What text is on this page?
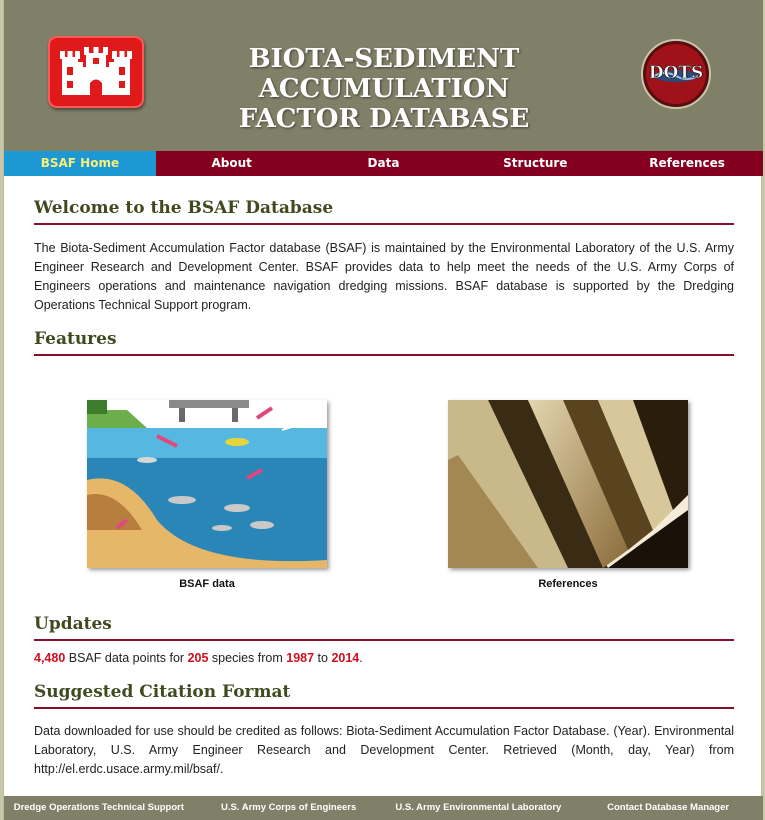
BIOTA-SEDIMENT ACCUMULATION
FACTOR DATABASE
DOTS
BSAF Home	About	Data	Structure	References
Welcome to the BSAF Database
The Biota-Sediment Accumulation Factor database (BSAF) is maintained by the Environmental Laboratory of the U.S. Army Engineer Research and Development Center. BSAF provides data to help meet the needs of the U.S. Army Corps of Engineers operations and maintenance navigation dredging missions. BSAF database is supported by the Dredging Operations Technical Support program.
Features
BSAF data	References
Updates
4,480 BSAF data points for 205 species from 1987 to 2014.
Suggested Citation Format
Data downloaded for use should be credited as follows: Biota-Sediment Accumulation Factor Database. (Year). Environmental Laboratory, U.S. Army Engineer Research and Development Center. Retrieved (Month, day, Year) from http://el.erdc.usace.army.mil/bsaf/.
Dredge Operations Technical Support	U.S. Army Corps of Engineers	U.S. Army Environmental Laboratory	Contact Database Manager
